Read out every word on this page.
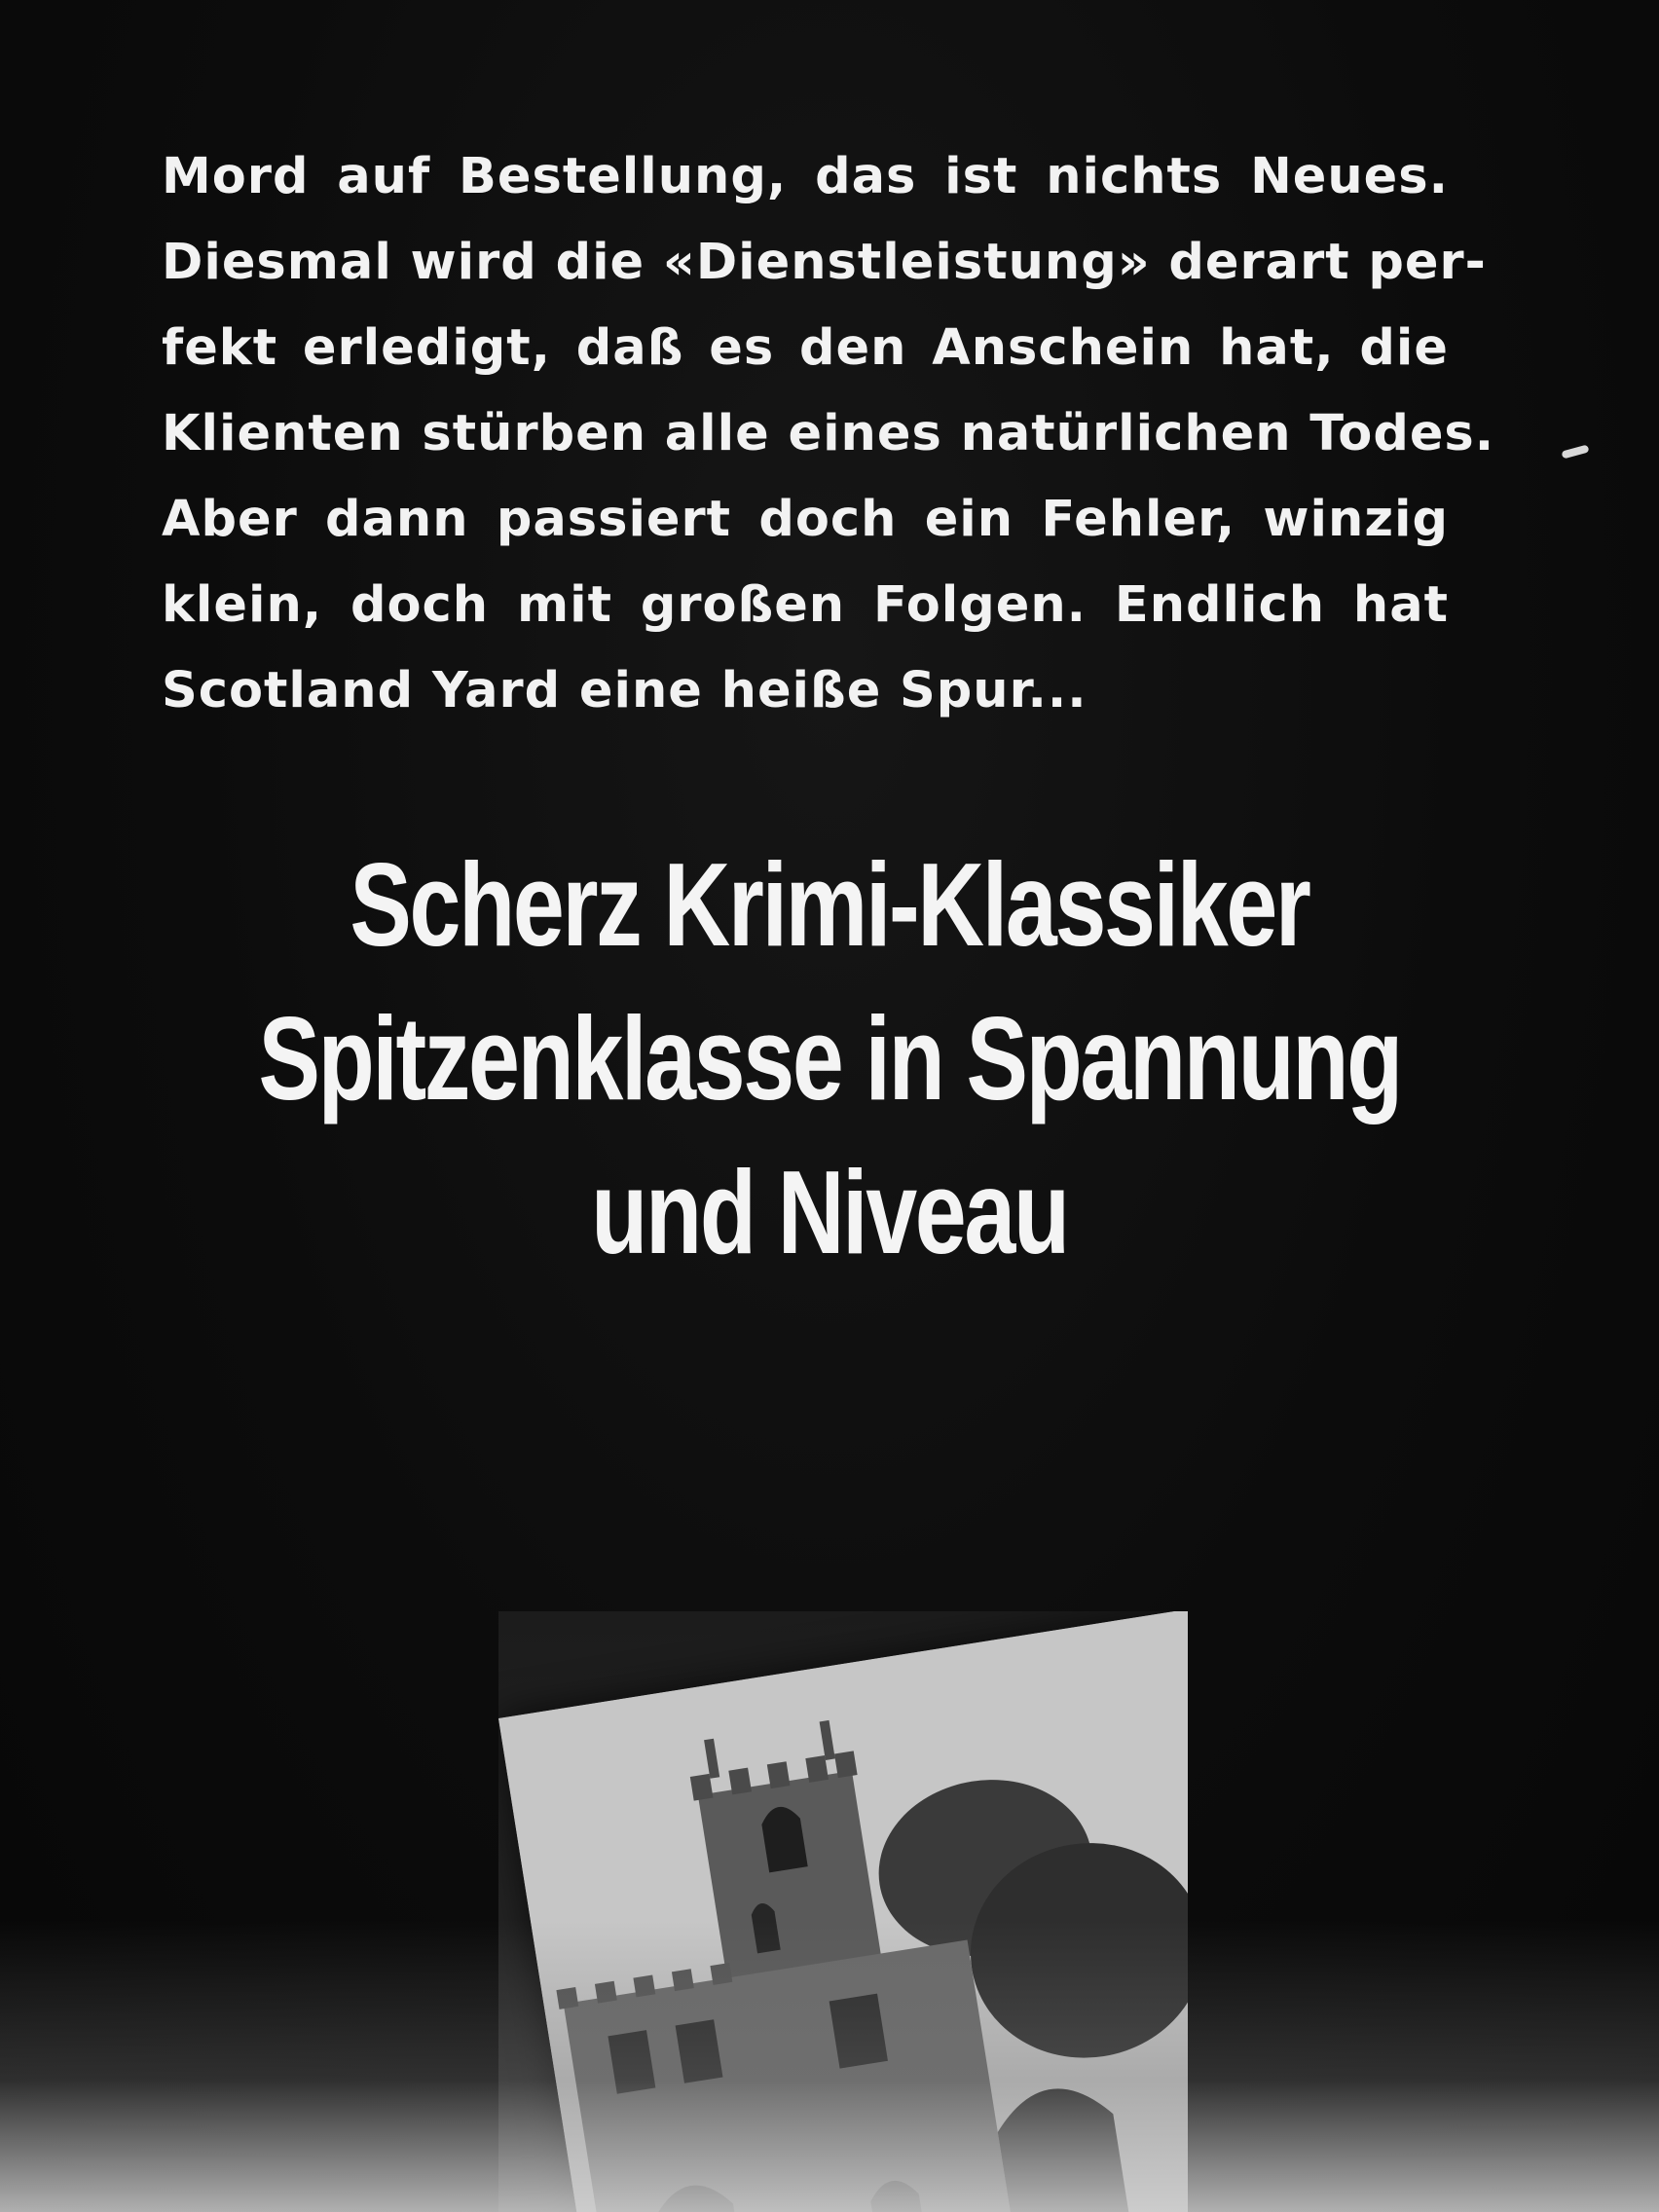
Mord auf Bestellung, das ist nichts Neues.
Diesmal wird die «Dienstleistung» derart per-
fekt erledigt, daß es den Anschein hat, die
Klienten stürben alle eines natürlichen Todes.
Aber dann passiert doch ein Fehler, winzig
klein, doch mit großen Folgen. Endlich hat
Scotland Yard eine heiße Spur...
Scherz Krimi-Klassiker
Spitzenklasse in Spannung
und Niveau
